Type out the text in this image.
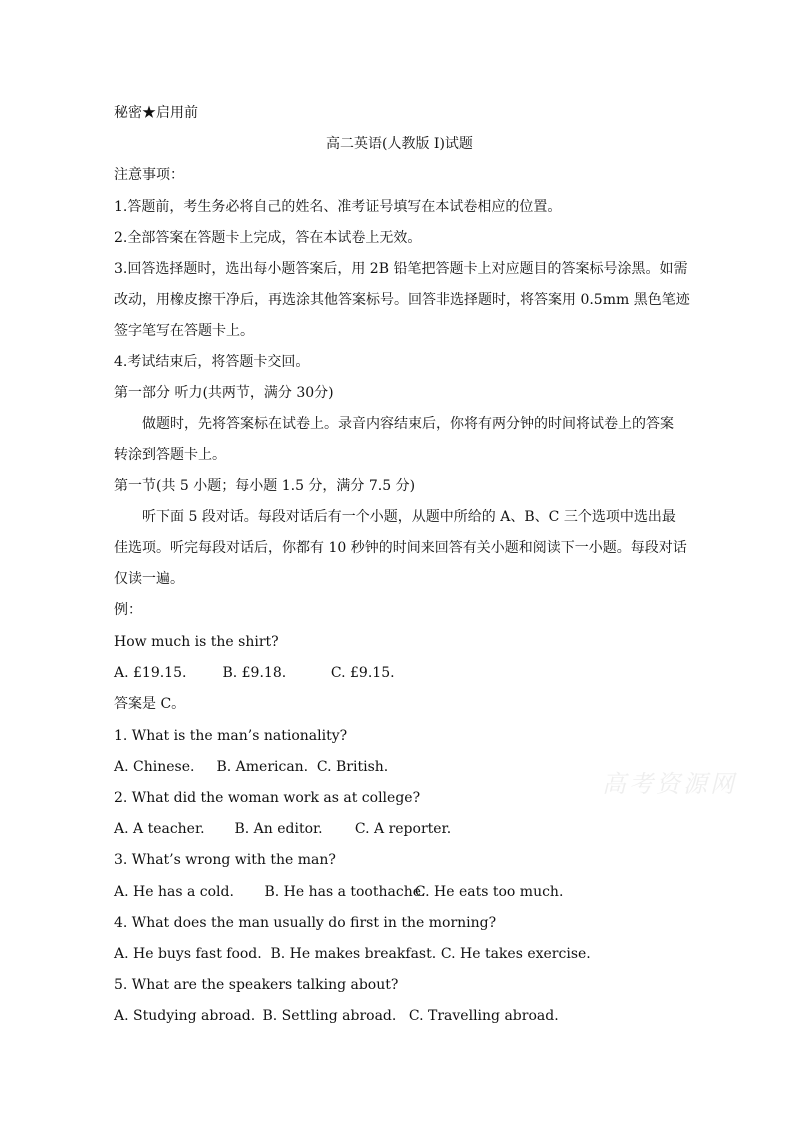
秘密★启用前
高二英语(人教版 I)试题
注意事项：
1.答题前，考生务必将自己的姓名、准考证号填写在本试卷相应的位置。
2.全部答案在答题卡上完成，答在本试卷上无效。
3.回答选择题时，选出每小题答案后，用 2B 铅笔把答题卡上对应题目的答案标号涂黑。如需
改动，用橡皮擦干净后，再选涂其他答案标号。回答非选择题时，将答案用 0.5mm 黑色笔迹
签字笔写在答题卡上。
4.考试结束后，将答题卡交回。
第一部分 听力(共两节，满分 30分)
做题时，先将答案标在试卷上。录音内容结束后，你将有两分钟的时间将试卷上的答案
转涂到答题卡上。
第一节(共 5 小题；每小题 1.5 分，满分 7.5 分)
听下面 5 段对话。每段对话后有一个小题，从题中所给的 A、B、C 三个选项中选出最
佳选项。听完每段对话后，你都有 10 秒钟的时间来回答有关小题和阅读下一小题。每段对话
仅读一遍。
例：
How much is the shirt?
A. £19.15.	B. £9.18.	C. £9.15.
答案是 C。
1. What is the man’s nationality?
A. Chinese. B. American. C. British.
2. What did the woman work as at college?
A. A teacher. B. An editor. C. A reporter.
3. What’s wrong with the man?
A. He has a cold. B. He has a toothache. C. He eats too much.
4. What does the man usually do first in the morning?
A. He buys fast food. B. He makes breakfast. C. He takes exercise.
5. What are the speakers talking about?
A. Studying abroad. B. Settling abroad. C. Travelling abroad.
高考资源网
